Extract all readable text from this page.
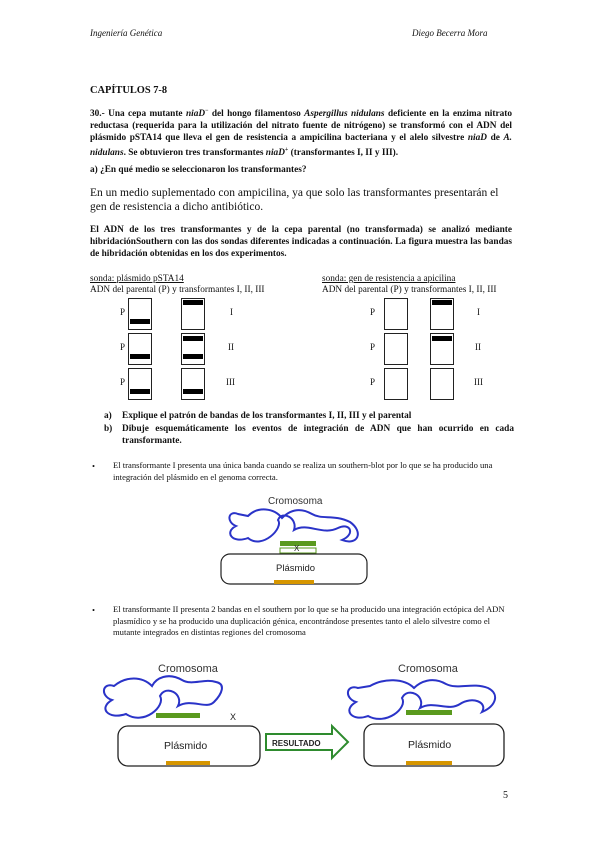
Ingeniería Genética	Diego Becerra Mora
CAPÍTULOS 7-8
30.- Una cepa mutante niaD− del hongo filamentoso Aspergillus nidulans deficiente en la enzima nitrato reductasa (requerida para la utilización del nitrato fuente de nitrógeno) se transformó con el ADN del plásmido pSTA14 que lleva el gen de resistencia a ampicilina bacteriana y el alelo silvestre niaD de A. nidulans. Se obtuvieron tres transformantes niaD+ (transformantes I, II y III).
a) ¿En qué medio se seleccionaron los transformantes?
En un medio suplementado con ampicilina, ya que solo las transformantes presentarán el gen de resistencia a dicho antibiótico.
El ADN de los tres transformantes y de la cepa parental (no transformada) se analizó mediante hibridaciónSouthern con las dos sondas diferentes indicadas a continuación. La figura muestra las bandas de hibridación obtenidas en los dos experimentos.
sonda: plásmido pSTA14
ADN del parental (P) y transformantes I, II, III
sonda: gen de resistencia a apicilina
ADN del parental (P) y transformantes I, II, III
P	I
P	II
P	III
P	I
P	II
P	III
a)	Explique el patrón de bandas de los transformantes I, II, III y el parental
b)	Dibuje esquemáticamente los eventos de integración de ADN que han ocurrido en cada transformante.
• El transformante I presenta una única banda cuando se realiza un southern-blot por lo que se ha producido una integración del plásmido en el genoma correcta.
Cromosoma
X
Plásmido
• El transformante II presenta 2 bandas en el southern por lo que se ha producido una integración ectópica del ADN plasmídico y se ha producido una duplicación génica, encontrándose presentes tanto el alelo silvestre como el mutante integrados en distintas regiones del cromosoma
Cromosoma
X
Plásmido	RESULTADO
Cromosoma
Plásmido
5
